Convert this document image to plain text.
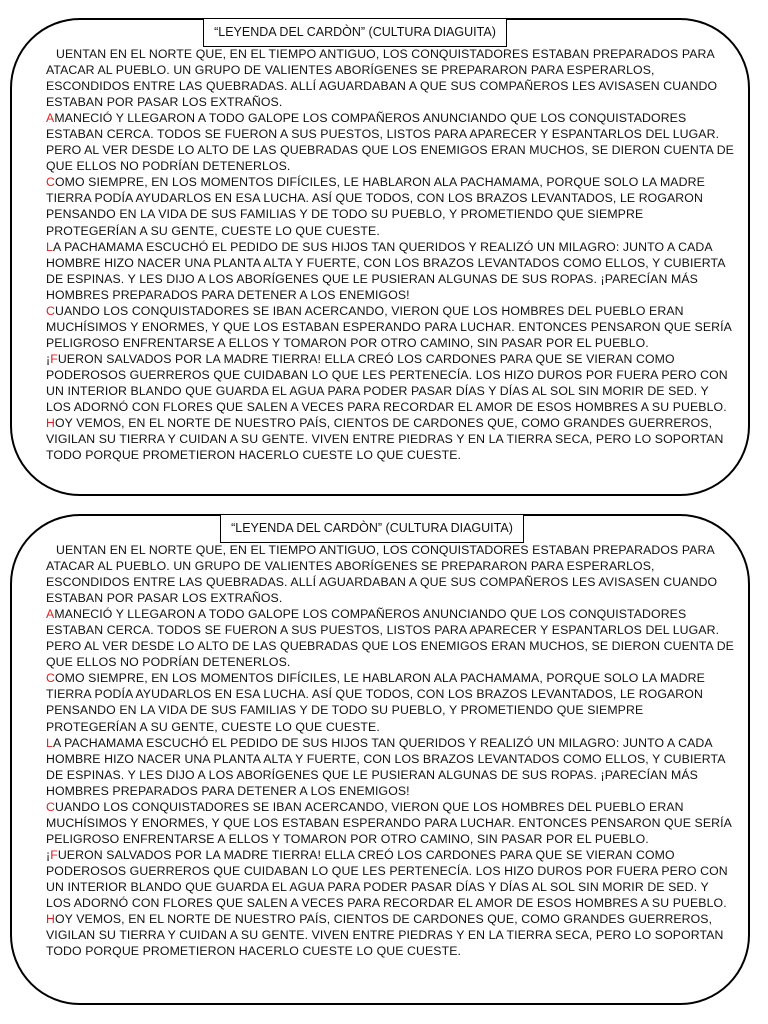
“LEYENDA DEL CARDÒN” (CULTURA DIAGUITA)

UENTAN EN EL NORTE QUE, EN EL TIEMPO ANTIGUO, LOS CONQUISTADORES ESTABAN PREPARADOS PARA ATACAR AL PUEBLO. UN GRUPO DE VALIENTES ABORÍGENES SE PREPARARON PARA ESPERARLOS, ESCONDIDOS ENTRE LAS QUEBRADAS. ALLÍ AGUARDABAN A QUE SUS COMPAÑEROS LES AVISASEN CUANDO ESTABAN POR PASAR LOS EXTRAÑOS.

AMANECIÓ Y LLEGARON A TODO GALOPE LOS COMPAÑEROS ANUNCIANDO QUE LOS CONQUISTADORES ESTABAN CERCA. TODOS SE FUERON A SUS PUESTOS, LISTOS PARA APARECER Y ESPANTARLOS DEL LUGAR. PERO AL VER DESDE LO ALTO DE LAS QUEBRADAS QUE LOS ENEMIGOS ERAN MUCHOS, SE DIERON CUENTA DE QUE ELLOS NO PODRÍAN DETENERLOS.

COMO SIEMPRE, EN LOS MOMENTOS DIFÍCILES, LE HABLARON ALA PACHAMAMA, PORQUE SOLO LA MADRE TIERRA PODÍA AYUDARLOS EN ESA LUCHA. ASÍ QUE TODOS, CON LOS BRAZOS LEVANTADOS, LE ROGARON PENSANDO EN LA VIDA DE SUS FAMILIAS Y DE TODO SU PUEBLO, Y PROMETIENDO QUE SIEMPRE PROTEGERÍAN A SU GENTE, CUESTE LO QUE CUESTE.

LA PACHAMAMA ESCUCHÓ EL PEDIDO DE SUS HIJOS TAN QUERIDOS Y REALIZÓ UN MILAGRO: JUNTO A CADA HOMBRE HIZO NACER UNA PLANTA ALTA Y FUERTE, CON LOS BRAZOS LEVANTADOS COMO ELLOS, Y CUBIERTA DE ESPINAS. Y LES DIJO A LOS ABORÍGENES QUE LE PUSIERAN ALGUNAS DE SUS ROPAS. ¡PARECÍAN MÁS HOMBRES PREPARADOS PARA DETENER A LOS ENEMIGOS!

CUANDO LOS CONQUISTADORES SE IBAN ACERCANDO, VIERON QUE LOS HOMBRES DEL PUEBLO ERAN MUCHÍSIMOS Y ENORMES, Y QUE LOS ESTABAN ESPERANDO PARA LUCHAR. ENTONCES PENSARON QUE SERÍA PELIGROSO ENFRENTARSE A ELLOS Y TOMARON POR OTRO CAMINO, SIN PASAR POR EL PUEBLO.

¡FUERON SALVADOS POR LA MADRE TIERRA! ELLA CREÓ LOS CARDONES PARA QUE SE VIERAN COMO PODEROSOS GUERREROS QUE CUIDABAN LO QUE LES PERTENECÍA. LOS HIZO DUROS POR FUERA PERO CON UN INTERIOR BLANDO QUE GUARDA EL AGUA PARA PODER PASAR DÍAS Y DÍAS AL SOL SIN MORIR DE SED. Y LOS ADORNÓ CON FLORES QUE SALEN A VECES PARA RECORDAR EL AMOR DE ESOS HOMBRES A SU PUEBLO.

HOY VEMOS, EN EL NORTE DE NUESTRO PAÍS, CIENTOS DE CARDONES QUE, COMO GRANDES GUERREROS, VIGILAN SU TIERRA Y CUIDAN A SU GENTE. VIVEN ENTRE PIEDRAS Y EN LA TIERRA SECA, PERO LO SOPORTAN TODO PORQUE PROMETIERON HACERLO CUESTE LO QUE CUESTE.

“LEYENDA DEL CARDÒN” (CULTURA DIAGUITA)

UENTAN EN EL NORTE QUE, EN EL TIEMPO ANTIGUO, LOS CONQUISTADORES ESTABAN PREPARADOS PARA ATACAR AL PUEBLO. UN GRUPO DE VALIENTES ABORÍGENES SE PREPARARON PARA ESPERARLOS, ESCONDIDOS ENTRE LAS QUEBRADAS. ALLÍ AGUARDABAN A QUE SUS COMPAÑEROS LES AVISASEN CUANDO ESTABAN POR PASAR LOS EXTRAÑOS.

AMANECIÓ Y LLEGARON A TODO GALOPE LOS COMPAÑEROS ANUNCIANDO QUE LOS CONQUISTADORES ESTABAN CERCA. TODOS SE FUERON A SUS PUESTOS, LISTOS PARA APARECER Y ESPANTARLOS DEL LUGAR. PERO AL VER DESDE LO ALTO DE LAS QUEBRADAS QUE LOS ENEMIGOS ERAN MUCHOS, SE DIERON CUENTA DE QUE ELLOS NO PODRÍAN DETENERLOS.

COMO SIEMPRE, EN LOS MOMENTOS DIFÍCILES, LE HABLARON ALA PACHAMAMA, PORQUE SOLO LA MADRE TIERRA PODÍA AYUDARLOS EN ESA LUCHA. ASÍ QUE TODOS, CON LOS BRAZOS LEVANTADOS, LE ROGARON PENSANDO EN LA VIDA DE SUS FAMILIAS Y DE TODO SU PUEBLO, Y PROMETIENDO QUE SIEMPRE PROTEGERÍAN A SU GENTE, CUESTE LO QUE CUESTE.

LA PACHAMAMA ESCUCHÓ EL PEDIDO DE SUS HIJOS TAN QUERIDOS Y REALIZÓ UN MILAGRO: JUNTO A CADA HOMBRE HIZO NACER UNA PLANTA ALTA Y FUERTE, CON LOS BRAZOS LEVANTADOS COMO ELLOS, Y CUBIERTA DE ESPINAS. Y LES DIJO A LOS ABORÍGENES QUE LE PUSIERAN ALGUNAS DE SUS ROPAS. ¡PARECÍAN MÁS HOMBRES PREPARADOS PARA DETENER A LOS ENEMIGOS!

CUANDO LOS CONQUISTADORES SE IBAN ACERCANDO, VIERON QUE LOS HOMBRES DEL PUEBLO ERAN MUCHÍSIMOS Y ENORMES, Y QUE LOS ESTABAN ESPERANDO PARA LUCHAR. ENTONCES PENSARON QUE SERÍA PELIGROSO ENFRENTARSE A ELLOS Y TOMARON POR OTRO CAMINO, SIN PASAR POR EL PUEBLO.

¡FUERON SALVADOS POR LA MADRE TIERRA! ELLA CREÓ LOS CARDONES PARA QUE SE VIERAN COMO PODEROSOS GUERREROS QUE CUIDABAN LO QUE LES PERTENECÍA. LOS HIZO DUROS POR FUERA PERO CON UN INTERIOR BLANDO QUE GUARDA EL AGUA PARA PODER PASAR DÍAS Y DÍAS AL SOL SIN MORIR DE SED. Y LOS ADORNÓ CON FLORES QUE SALEN A VECES PARA RECORDAR EL AMOR DE ESOS HOMBRES A SU PUEBLO.

HOY VEMOS, EN EL NORTE DE NUESTRO PAÍS, CIENTOS DE CARDONES QUE, COMO GRANDES GUERREROS, VIGILAN SU TIERRA Y CUIDAN A SU GENTE. VIVEN ENTRE PIEDRAS Y EN LA TIERRA SECA, PERO LO SOPORTAN TODO PORQUE PROMETIERON HACERLO CUESTE LO QUE CUESTE.
